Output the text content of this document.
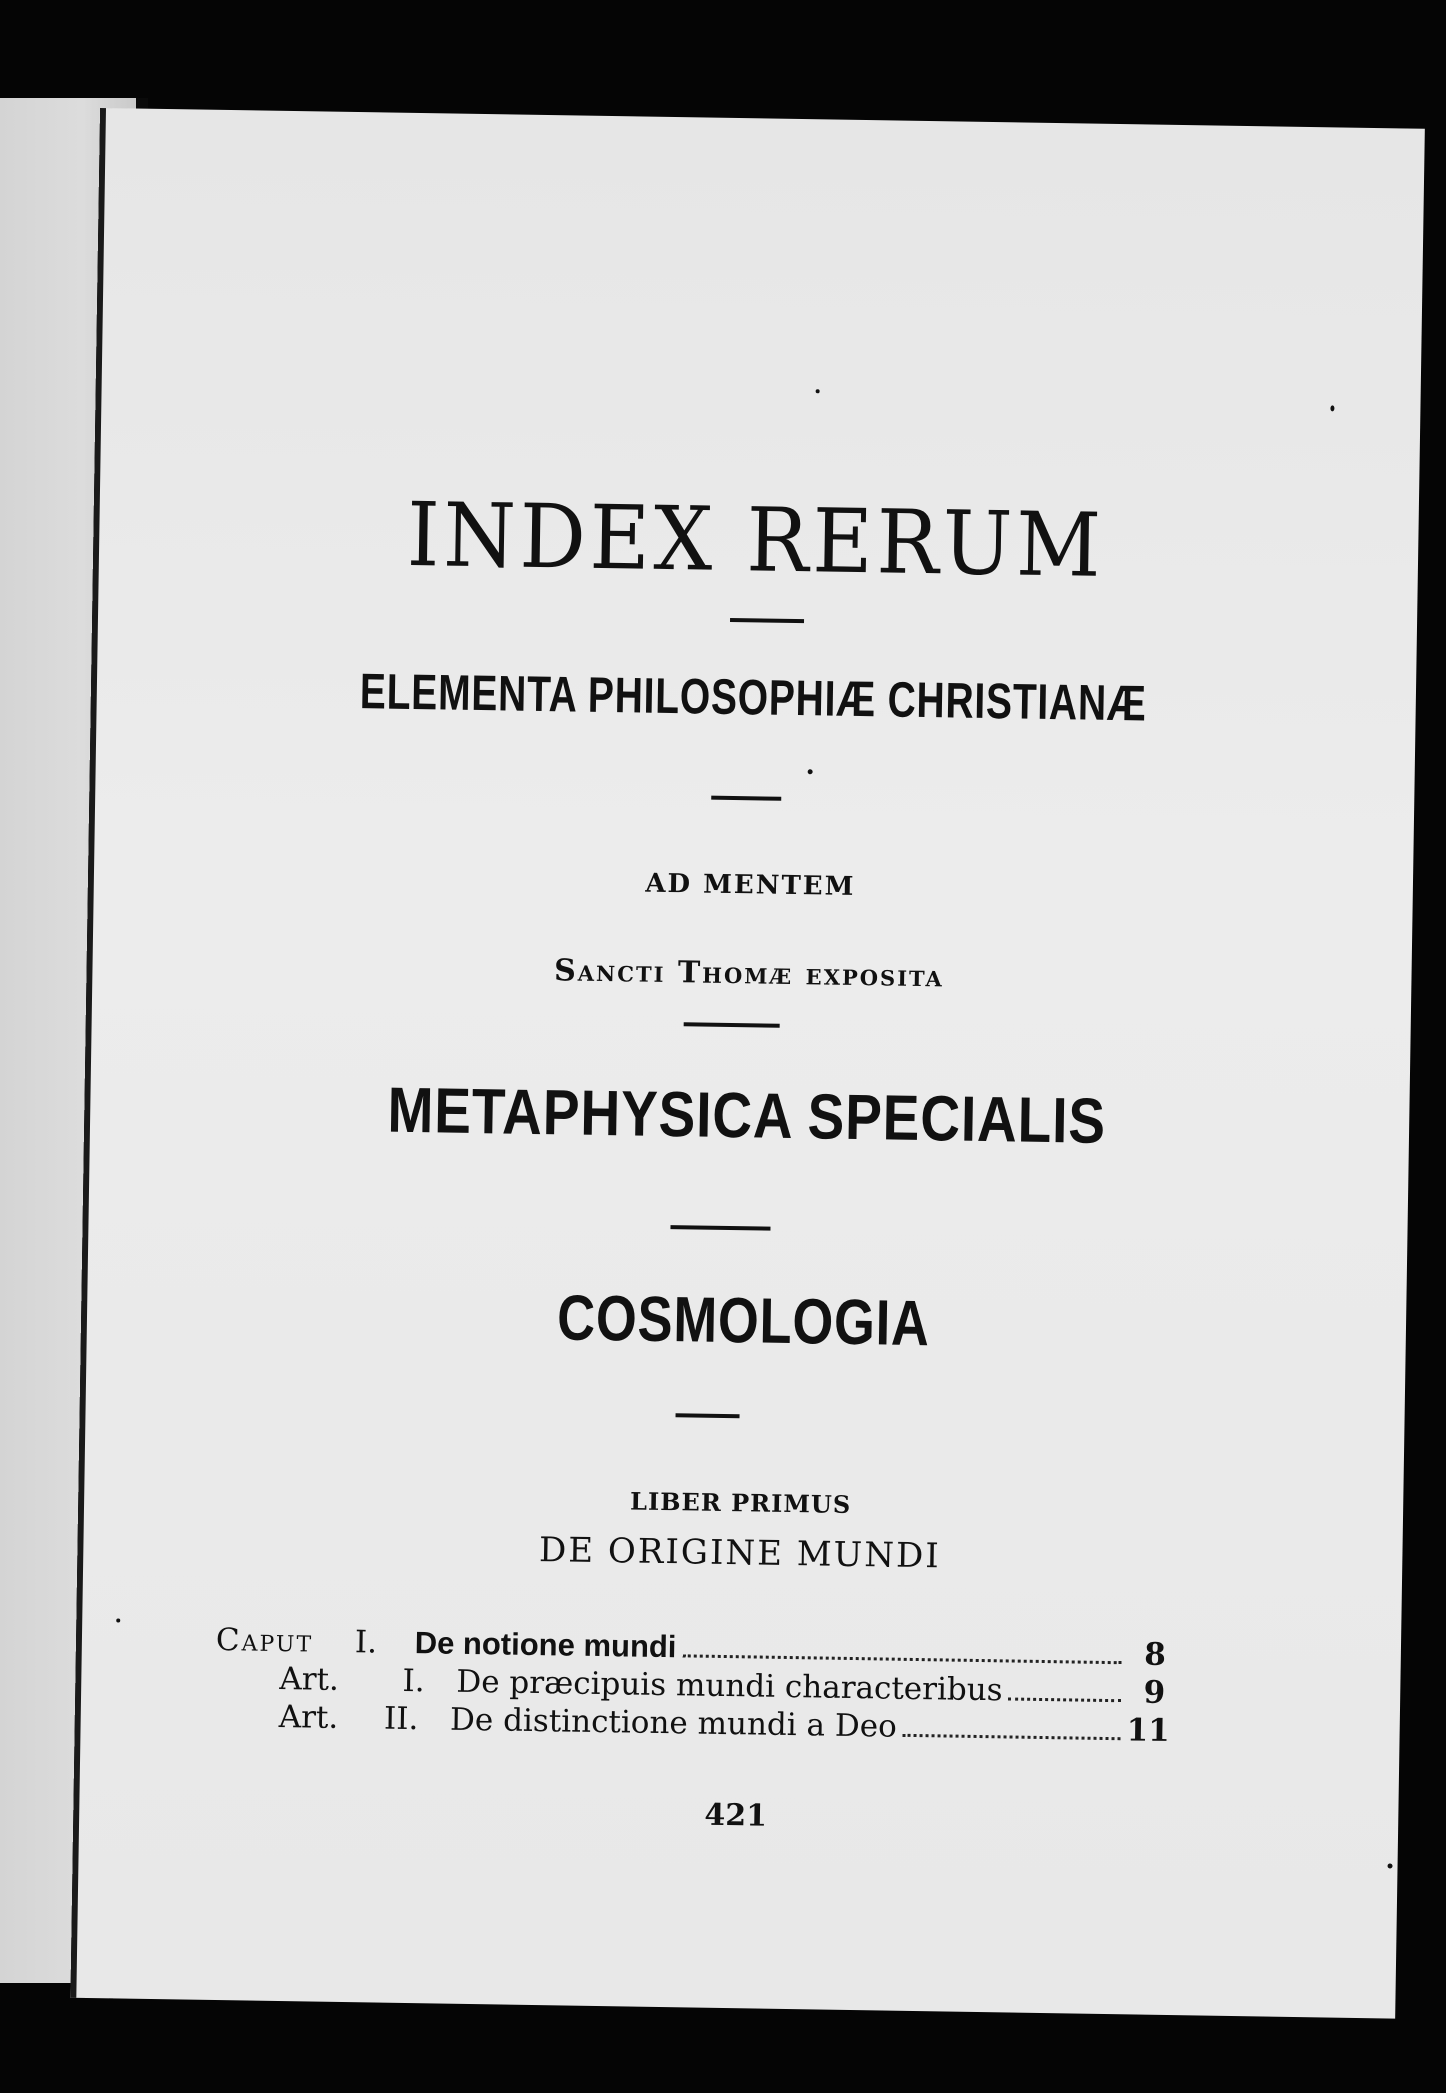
INDEX RERUM
ELEMENTA PHILOSOPHIÆ CHRISTIANÆ
AD MENTEM
Sancti Thomæ exposita
METAPHYSICA SPECIALIS
COSMOLOGIA
LIBER PRIMUS
DE ORIGINE MUNDI
Caput I. De notione mundi	8
Art. I. De præcipuis mundi characteribus	9
Art. II. De distinctione mundi a Deo	11
421
